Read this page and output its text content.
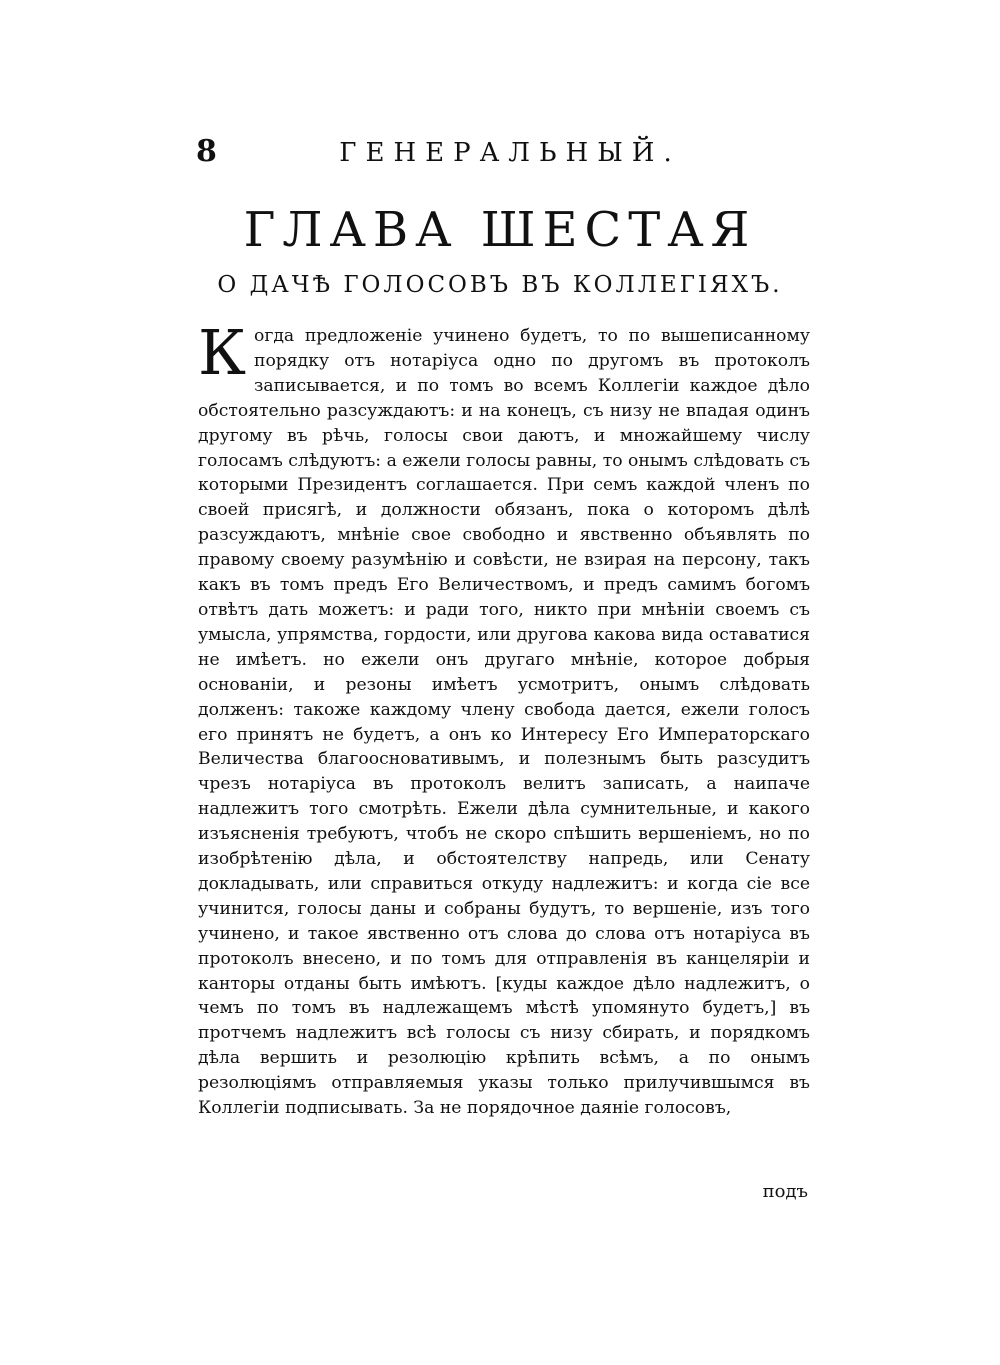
8	ГЕНЕРАЛЬНЫЙ.
ГЛАВА ШЕСТАЯ
О ДАЧѢ ГОЛОСОВЪ ВЪ КОЛЛЕГIЯХЪ.
К огда предложенiе учинено будетъ, то по вышеписанному порядку отъ нотарiуса одно по другомъ въ протоколъ записывается, и по томъ во всемъ Коллегiи каждое дѣло обстоятельно разсуждаютъ: и на конецъ, съ низу не впадая одинъ другому въ рѣчь, голосы свои даютъ, и множайшему числу голосамъ слѣдуютъ: а ежели голосы равны, то онымъ слѣдовать съ которыми Президентъ соглашается. При семъ каждой членъ по своей присягѣ, и должности обязанъ, пока о которомъ дѣлѣ разсуждаютъ, мнѣнiе свое свободно и явственно объявлять по правому своему разумѣнiю и совѣсти, не взирая на персону, такъ какъ въ томъ предъ Его Величествомъ, и предъ самимъ богомъ отвѣтъ дать можетъ: и ради того, никто при мнѣнiи своемъ съ умысла, упрямства, гордости, или другова какова вида оставатися не имѣетъ. но ежели онъ другаго мнѣнiе, которое добрыя основанiи, и резоны имѣетъ усмотритъ, онымъ слѣдовать долженъ: такоже каждому члену свобода дается, ежели голосъ его принятъ не будетъ, а онъ ко Интересу Его Императорскаго Величества благоосновативымъ, и полезнымъ быть разсудитъ чрезъ нотарiуса въ протоколъ велитъ записать, а наипаче надлежитъ того смотрѣть. Ежели дѣла сумнительные, и какого изъясненiя требуютъ, чтобъ не скоро спѣшить вершенiемъ, но по изобрѣтенiю дѣла, и обстоятелству напредь, или Сенату докладывать, или справиться откуду надлежитъ: и когда сiе все учинится, голосы даны и собраны будутъ, то вершенiе, изъ того учинено, и такое явственно отъ слова до слова отъ нотарiуса въ протоколъ внесено, и по томъ для отправленiя въ канцелярiи и канторы отданы быть имѣютъ. [куды каждое дѣло надлежитъ, о чемъ по томъ въ надлежащемъ мѣстѣ упомянуто будетъ,] въ протчемъ надлежитъ всѣ голосы съ низу сбирать, и порядкомъ дѣла вершить и резолюцiю крѣпить всѣмъ, а по онымъ резолюцiямъ отправляемыя указы только прилучившымся въ Коллегiи подписывать. За не порядочное даянiе голосовъ,
подъ
